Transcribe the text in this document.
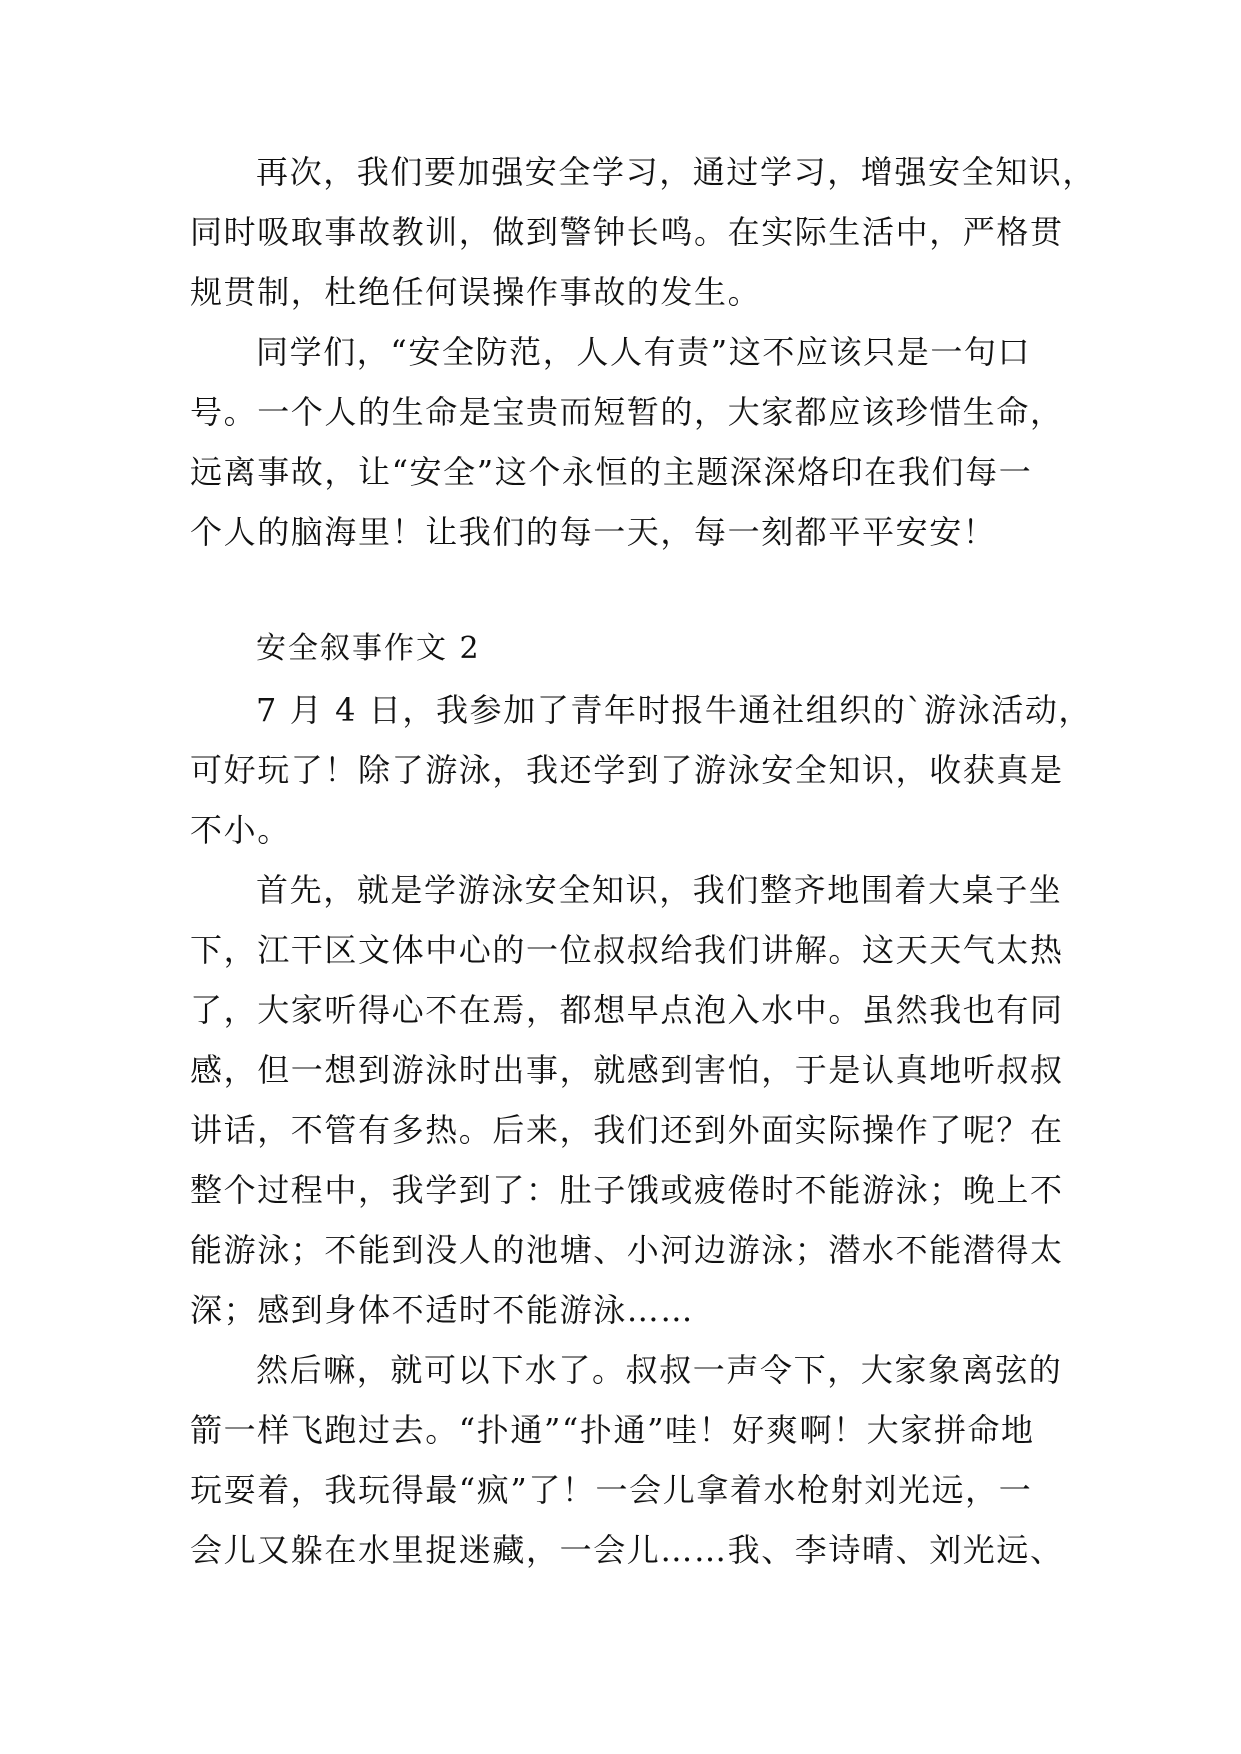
再次，我们要加强安全学习，通过学习，增强安全知识，
同时吸取事故教训，做到警钟长鸣。在实际生活中，严格贯
规贯制，杜绝任何误操作事故的发生。
同学们，“安全防范，人人有责”这不应该只是一句口
号。一个人的生命是宝贵而短暂的，大家都应该珍惜生命，
远离事故，让“安全”这个永恒的主题深深烙印在我们每一
个人的脑海里！让我们的每一天，每一刻都平平安安！
安全叙事作文 2
7 月 4 日，我参加了青年时报牛通社组织的`游泳活动，
可好玩了！除了游泳，我还学到了游泳安全知识，收获真是
不小。
首先，就是学游泳安全知识，我们整齐地围着大桌子坐
下，江干区文体中心的一位叔叔给我们讲解。这天天气太热
了，大家听得心不在焉，都想早点泡入水中。虽然我也有同
感，但一想到游泳时出事，就感到害怕，于是认真地听叔叔
讲话，不管有多热。后来，我们还到外面实际操作了呢？在
整个过程中，我学到了：肚子饿或疲倦时不能游泳；晚上不
能游泳；不能到没人的池塘、小河边游泳；潜水不能潜得太
深；感到身体不适时不能游泳……
然后嘛，就可以下水了。叔叔一声令下，大家象离弦的
箭一样飞跑过去。“扑通”“扑通”哇！好爽啊！大家拼命地
玩耍着，我玩得最“疯”了！一会儿拿着水枪射刘光远，一
会儿又躲在水里捉迷藏，一会儿……我、李诗晴、刘光远、
